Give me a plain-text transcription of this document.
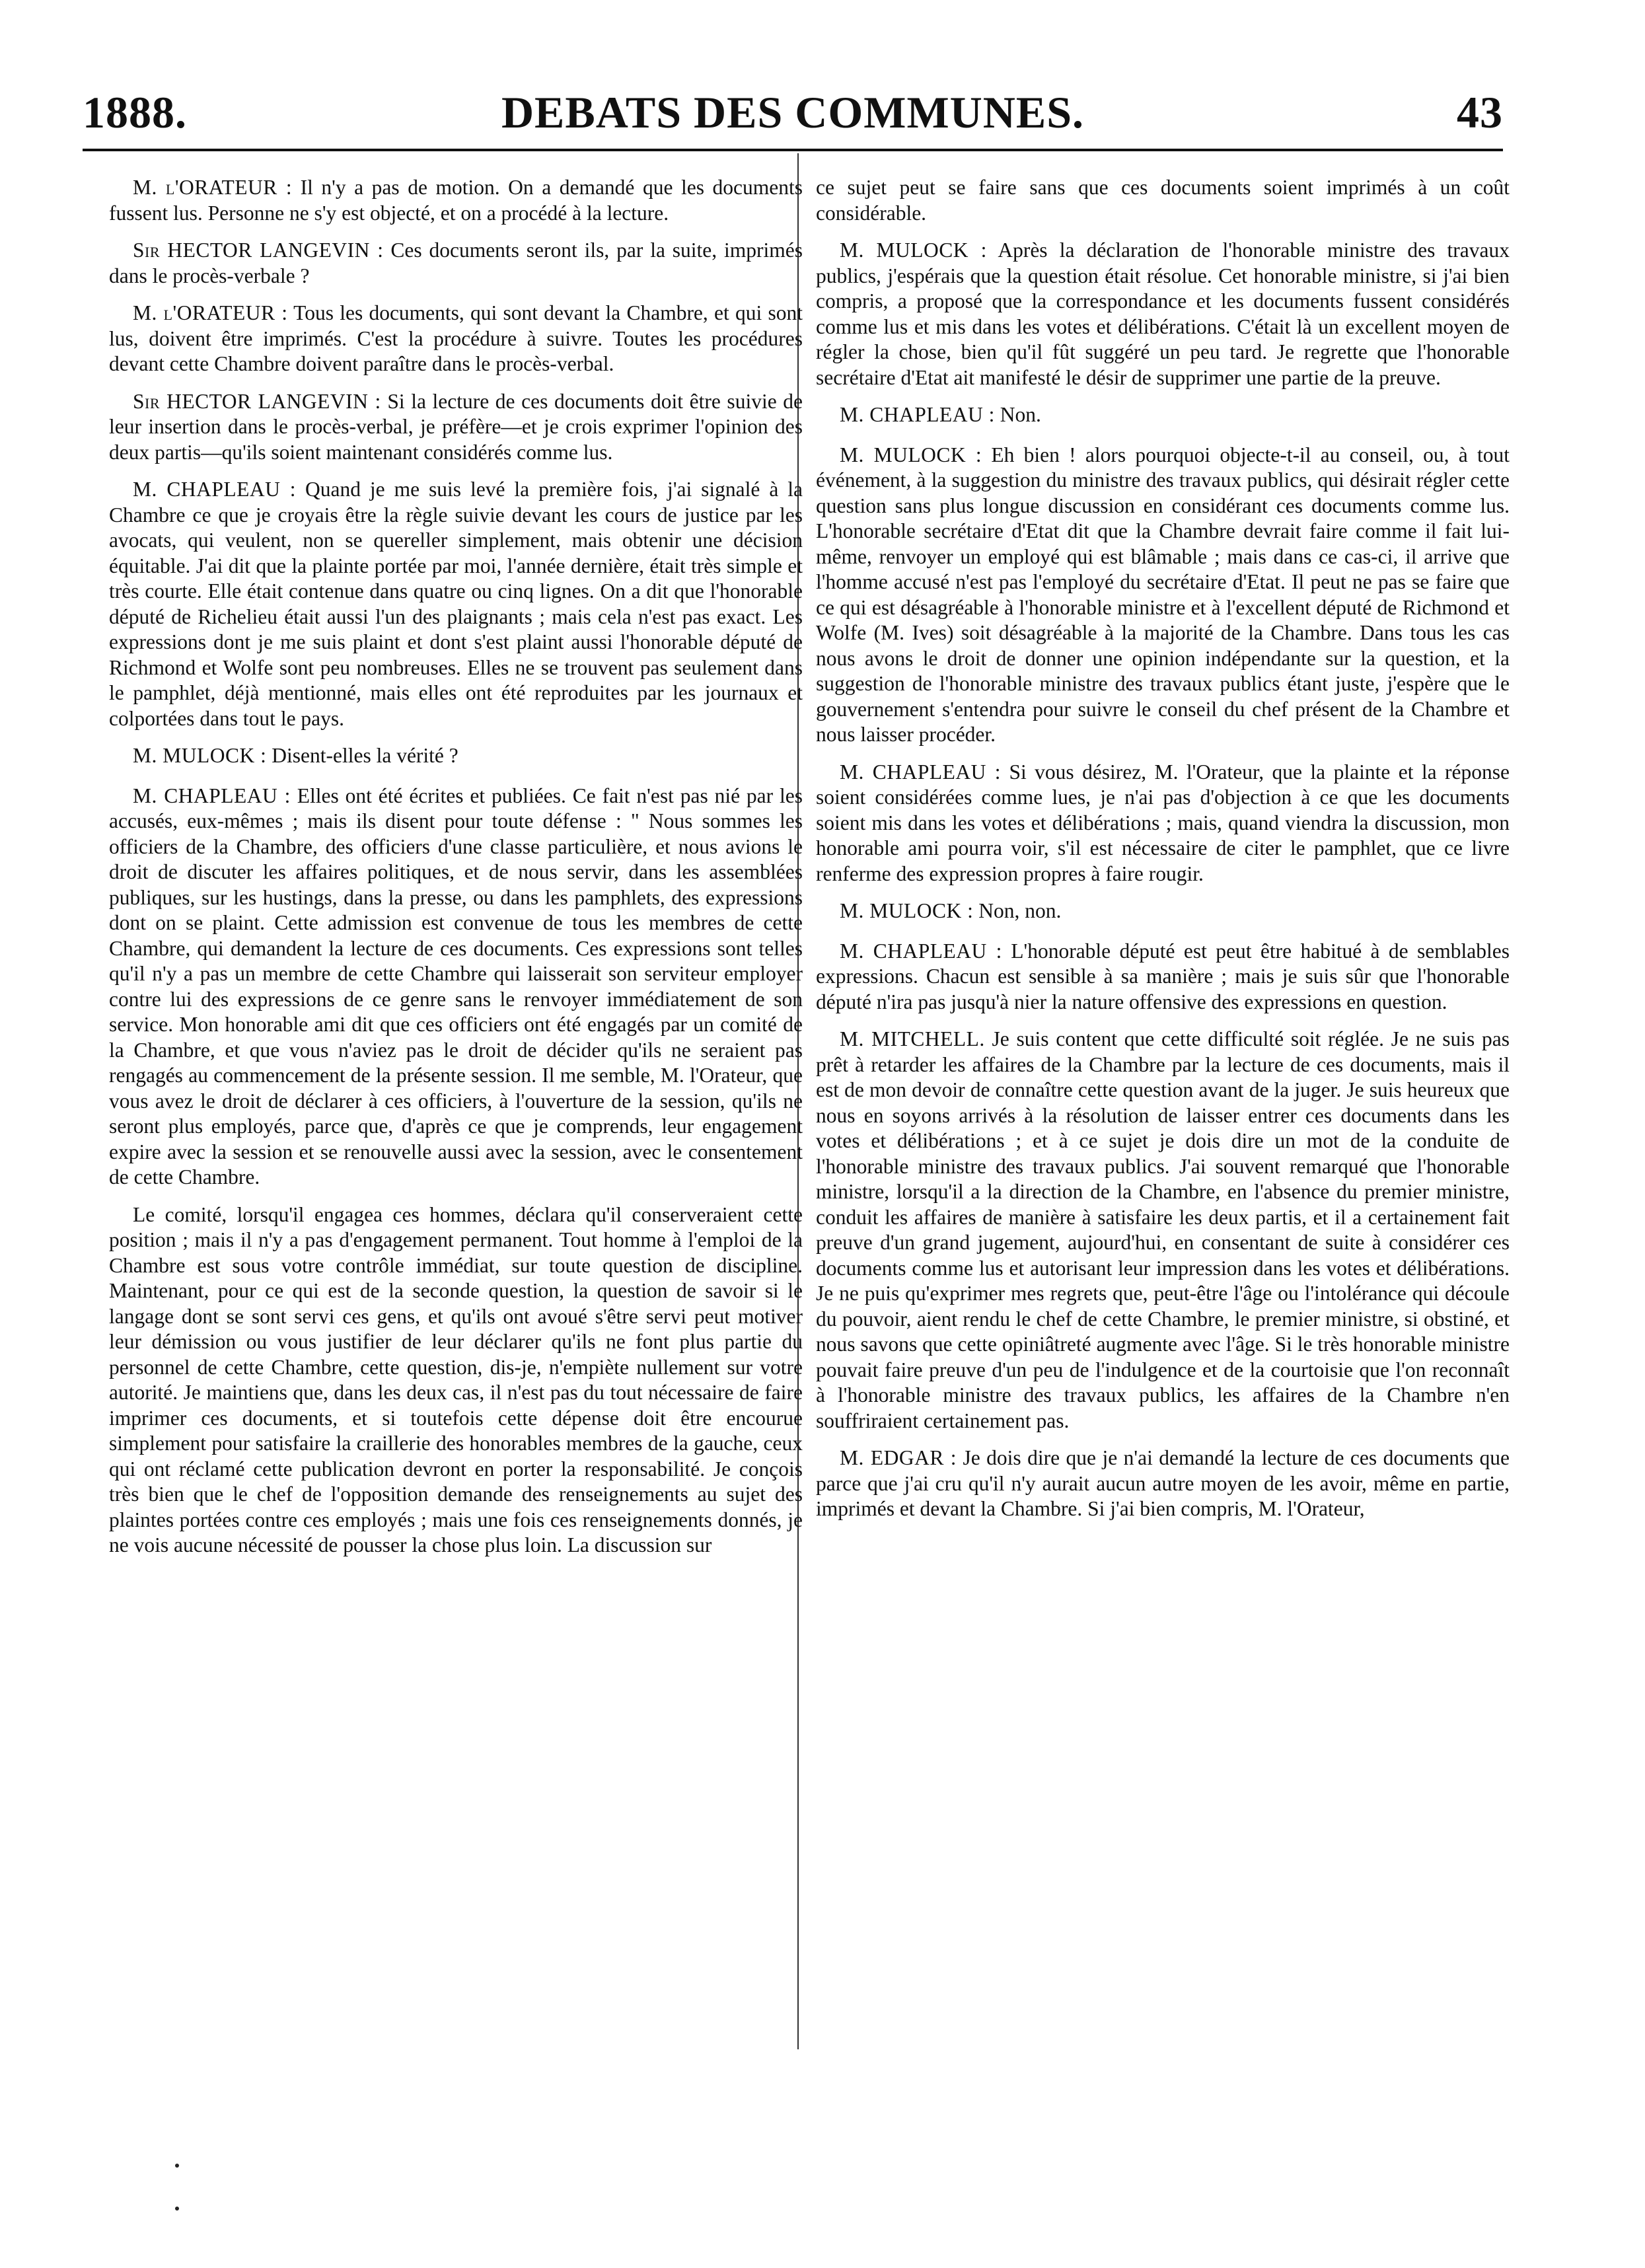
1888.	DEBATS DES COMMUNES.	43

M. l'ORATEUR : Il n'y a pas de motion. On a demandé que les documents fussent lus. Personne ne s'y est objecté, et on a procédé à la lecture.

Sir HECTOR LANGEVIN : Ces documents seront ils, par la suite, imprimés dans le procès-verbale ?

M. l'ORATEUR : Tous les documents, qui sont devant la Chambre, et qui sont lus, doivent être imprimés. C'est la procédure à suivre. Toutes les procédures devant cette Chambre doivent paraître dans le procès-verbal.

Sir HECTOR LANGEVIN : Si la lecture de ces documents doit être suivie de leur insertion dans le procès-verbal, je préfère—et je crois exprimer l'opinion des deux partis—qu'ils soient maintenant considérés comme lus.

M. CHAPLEAU : Quand je me suis levé la première fois, j'ai signalé à la Chambre ce que je croyais être la règle suivie devant les cours de justice par les avocats, qui veulent, non se quereller simplement, mais obtenir une décision équitable. J'ai dit que la plainte portée par moi, l'année dernière, était très simple et très courte. Elle était contenue dans quatre ou cinq lignes. On a dit que l'honorable député de Richelieu était aussi l'un des plaignants ; mais cela n'est pas exact. Les expressions dont je me suis plaint et dont s'est plaint aussi l'honorable député de Richmond et Wolfe sont peu nombreuses. Elles ne se trouvent pas seulement dans le pamphlet, déjà mentionné, mais elles ont été reproduites par les journaux et colportées dans tout le pays.

M. MULOCK : Disent-elles la vérité ?

M. CHAPLEAU : Elles ont été écrites et publiées. Ce fait n'est pas nié par les accusés, eux-mêmes ; mais ils disent pour toute défense : " Nous sommes les officiers de la Chambre, des officiers d'une classe particulière, et nous avions le droit de discuter les affaires politiques, et de nous servir, dans les assemblées publiques, sur les hustings, dans la presse, ou dans les pamphlets, des expressions dont on se plaint. Cette admission est convenue de tous les membres de cette Chambre, qui demandent la lecture de ces documents. Ces expressions sont telles qu'il n'y a pas un membre de cette Chambre qui laisserait son serviteur employer contre lui des expressions de ce genre sans le renvoyer immédiatement de son service. Mon honorable ami dit que ces officiers ont été engagés par un comité de la Chambre, et que vous n'aviez pas le droit de décider qu'ils ne seraient pas rengagés au commencement de la présente session. Il me semble, M. l'Orateur, que vous avez le droit de déclarer à ces officiers, à l'ouverture de la session, qu'ils ne seront plus employés, parce que, d'après ce que je comprends, leur engagement expire avec la session et se renouvelle aussi avec la session, avec le consentement de cette Chambre.

Le comité, lorsqu'il engagea ces hommes, déclara qu'il conserveraient cette position ; mais il n'y a pas d'engagement permanent. Tout homme à l'emploi de la Chambre est sous votre contrôle immédiat, sur toute question de discipline. Maintenant, pour ce qui est de la seconde question, la question de savoir si le langage dont se sont servi ces gens, et qu'ils ont avoué s'être servi peut motiver leur démission ou vous justifier de leur déclarer qu'ils ne font plus partie du personnel de cette Chambre, cette question, dis-je, n'empiète nullement sur votre autorité. Je maintiens que, dans les deux cas, il n'est pas du tout nécessaire de faire imprimer ces documents, et si toutefois cette dépense doit être encourue simplement pour satisfaire la craillerie des honorables membres de la gauche, ceux qui ont réclamé cette publication devront en porter la responsabilité. Je conçois très bien que le chef de l'opposition demande des renseignements au sujet des plaintes portées contre ces employés ; mais une fois ces renseignements donnés, je ne vois aucune nécessité de pousser la chose plus loin. La discussion sur

ce sujet peut se faire sans que ces documents soient imprimés à un coût considérable.

M. MULOCK : Après la déclaration de l'honorable ministre des travaux publics, j'espérais que la question était résolue. Cet honorable ministre, si j'ai bien compris, a proposé que la correspondance et les documents fussent considérés comme lus et mis dans les votes et délibérations. C'était là un excellent moyen de régler la chose, bien qu'il fût suggéré un peu tard. Je regrette que l'honorable secrétaire d'Etat ait manifesté le désir de supprimer une partie de la preuve.

M. CHAPLEAU : Non.

M. MULOCK : Eh bien ! alors pourquoi objecte-t-il au conseil, ou, à tout événement, à la suggestion du ministre des travaux publics, qui désirait régler cette question sans plus longue discussion en considérant ces documents comme lus. L'honorable secrétaire d'Etat dit que la Chambre devrait faire comme il fait lui-même, renvoyer un employé qui est blâmable ; mais dans ce cas-ci, il arrive que l'homme accusé n'est pas l'employé du secrétaire d'Etat. Il peut ne pas se faire que ce qui est désagréable à l'honorable ministre et à l'excellent député de Richmond et Wolfe (M. Ives) soit désagréable à la majorité de la Chambre. Dans tous les cas nous avons le droit de donner une opinion indépendante sur la question, et la suggestion de l'honorable ministre des travaux publics étant juste, j'espère que le gouvernement s'entendra pour suivre le conseil du chef présent de la Chambre et nous laisser procéder.

M. CHAPLEAU : Si vous désirez, M. l'Orateur, que la plainte et la réponse soient considérées comme lues, je n'ai pas d'objection à ce que les documents soient mis dans les votes et délibérations ; mais, quand viendra la discussion, mon honorable ami pourra voir, s'il est nécessaire de citer le pamphlet, que ce livre renferme des expression propres à faire rougir.

M. MULOCK : Non, non.

M. CHAPLEAU : L'honorable député est peut être habitué à de semblables expressions. Chacun est sensible à sa manière ; mais je suis sûr que l'honorable député n'ira pas jusqu'à nier la nature offensive des expressions en question.

M. MITCHELL. Je suis content que cette difficulté soit réglée. Je ne suis pas prêt à retarder les affaires de la Chambre par la lecture de ces documents, mais il est de mon devoir de connaître cette question avant de la juger. Je suis heureux que nous en soyons arrivés à la résolution de laisser entrer ces documents dans les votes et délibérations ; et à ce sujet je dois dire un mot de la conduite de l'honorable ministre des travaux publics. J'ai souvent remarqué que l'honorable ministre, lorsqu'il a la direction de la Chambre, en l'absence du premier ministre, conduit les affaires de manière à satisfaire les deux partis, et il a certainement fait preuve d'un grand jugement, aujourd'hui, en consentant de suite à considérer ces documents comme lus et autorisant leur impression dans les votes et délibérations. Je ne puis qu'exprimer mes regrets que, peut-être l'âge ou l'intolérance qui découle du pouvoir, aient rendu le chef de cette Chambre, le premier ministre, si obstiné, et nous savons que cette opiniâtreté augmente avec l'âge. Si le très honorable ministre pouvait faire preuve d'un peu de l'indulgence et de la courtoisie que l'on reconnaît à l'honorable ministre des travaux publics, les affaires de la Chambre n'en souffriraient certainement pas.

M. EDGAR : Je dois dire que je n'ai demandé la lecture de ces documents que parce que j'ai cru qu'il n'y aurait aucun autre moyen de les avoir, même en partie, imprimés et devant la Chambre. Si j'ai bien compris, M. l'Orateur,
